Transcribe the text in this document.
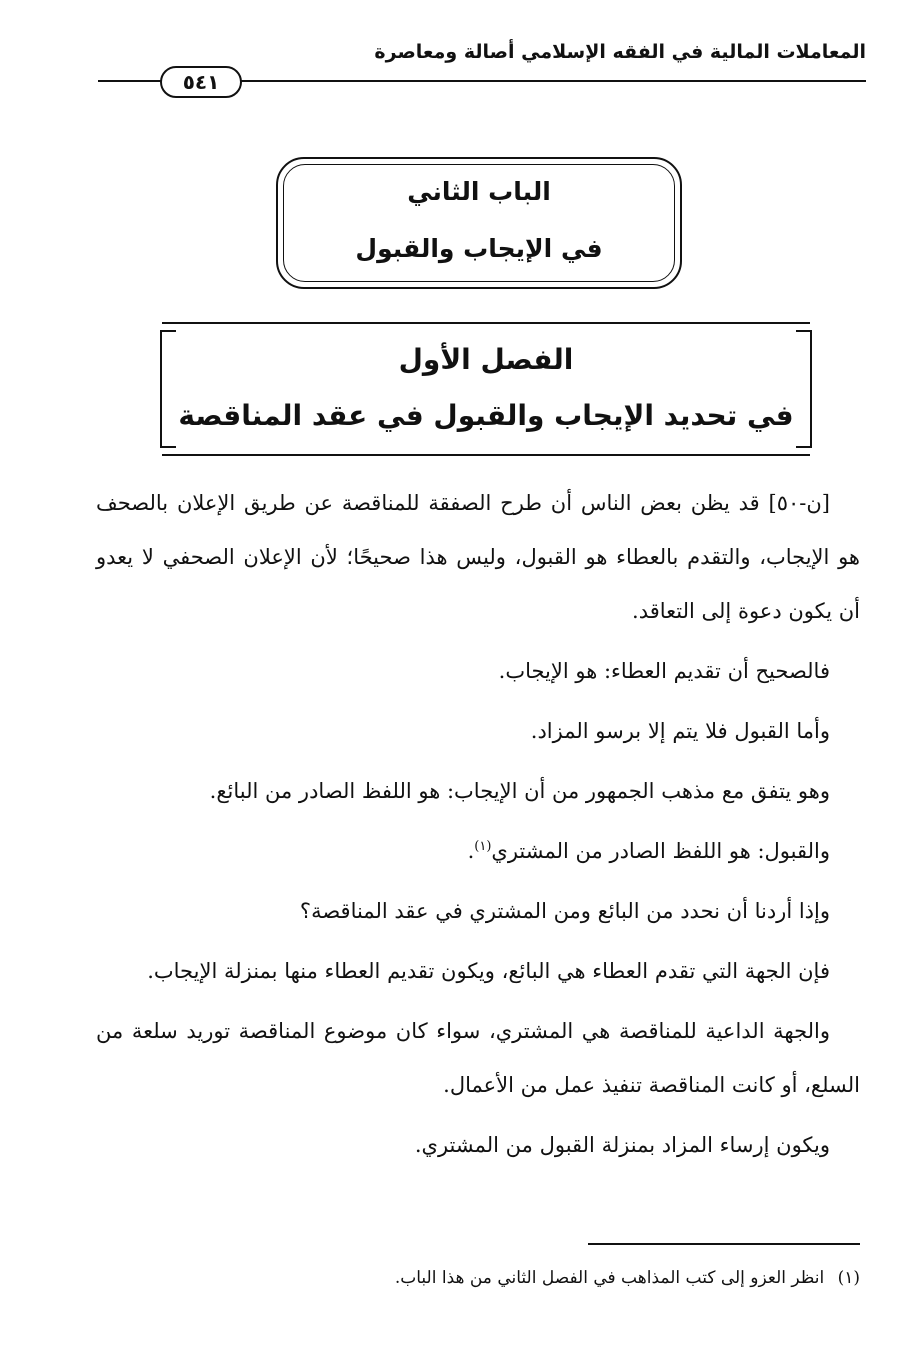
المعاملات المالية في الفقه الإسلامي أصالة ومعاصرة
٥٤١
الباب الثاني
في الإيجاب والقبول
الفصل الأول
في تحديد الإيجاب والقبول في عقد المناقصة

[ن-٥٠] قد يظن بعض الناس أن طرح الصفقة للمناقصة عن طريق الإعلان بالصحف هو الإيجاب، والتقدم بالعطاء هو القبول، وليس هذا صحيحًا؛ لأن الإعلان الصحفي لا يعدو أن يكون دعوة إلى التعاقد.

فالصحيح أن تقديم العطاء: هو الإيجاب.

وأما القبول فلا يتم إلا برسو المزاد.

وهو يتفق مع مذهب الجمهور من أن الإيجاب: هو اللفظ الصادر من البائع.

والقبول: هو اللفظ الصادر من المشتري$^{(١)}$.

وإذا أردنا أن نحدد من البائع ومن المشتري في عقد المناقصة؟

فإن الجهة التي تقدم العطاء هي البائع، ويكون تقديم العطاء منها بمنزلة الإيجاب.

والجهة الداعية للمناقصة هي المشتري، سواء كان موضوع المناقصة توريد سلعة من السلع، أو كانت المناقصة تنفيذ عمل من الأعمال.

ويكون إرساء المزاد بمنزلة القبول من المشتري.

(١) انظر العزو إلى كتب المذاهب في الفصل الثاني من هذا الباب.
